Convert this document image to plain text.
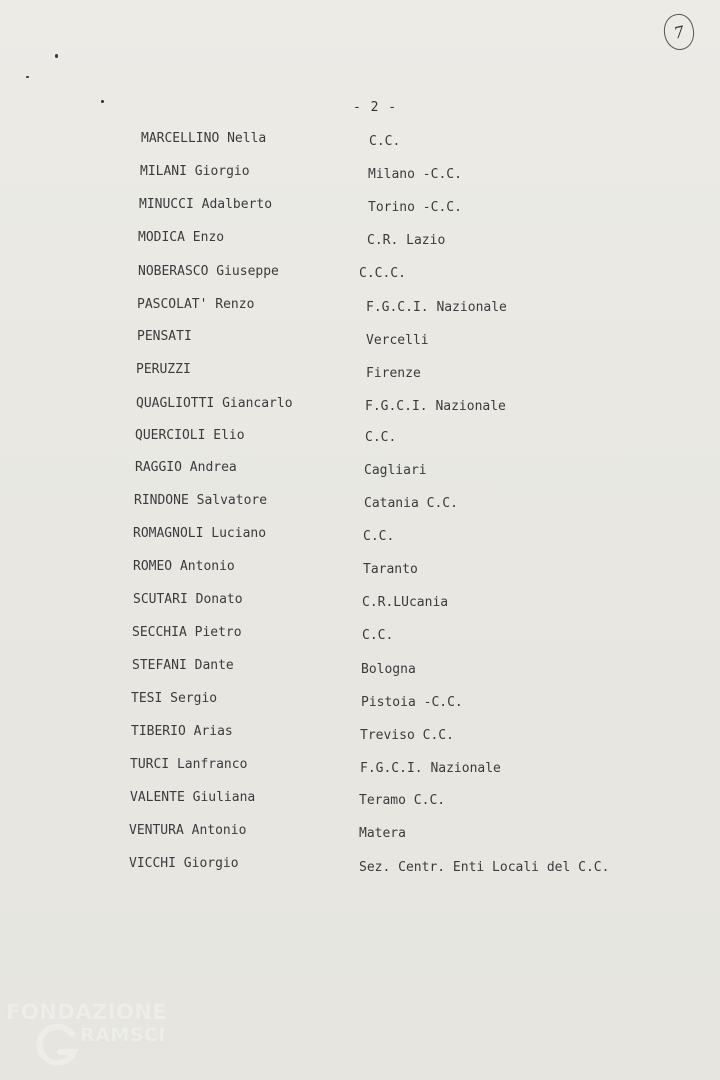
7
- 2 -
MARCELLINO Nella	C.C.
MILANI Giorgio	Milano -C.C.
MINUCCI Adalberto	Torino -C.C.
MODICA Enzo	C.R. Lazio
NOBERASCO Giuseppe	C.C.C.
PASCOLAT' Renzo	F.G.C.I. Nazionale
PENSATI	Vercelli
PERUZZI	Firenze
QUAGLIOTTI Giancarlo	F.G.C.I. Nazionale
QUERCIOLI Elio	C.C.
RAGGIO Andrea	Cagliari
RINDONE Salvatore	Catania C.C.
ROMAGNOLI Luciano	C.C.
ROMEO Antonio	Taranto
SCUTARI Donato	C.R.LUcania
SECCHIA Pietro	C.C.
STEFANI Dante	Bologna
TESI Sergio	Pistoia -C.C.
TIBERIO Arias	Treviso C.C.
TURCI Lanfranco	F.G.C.I. Nazionale
VALENTE Giuliana	Teramo C.C.
VENTURA Antonio	Matera
VICCHI Giorgio	Sez. Centr. Enti Locali del C.C.
FONDAZIONE
RAMSCI
